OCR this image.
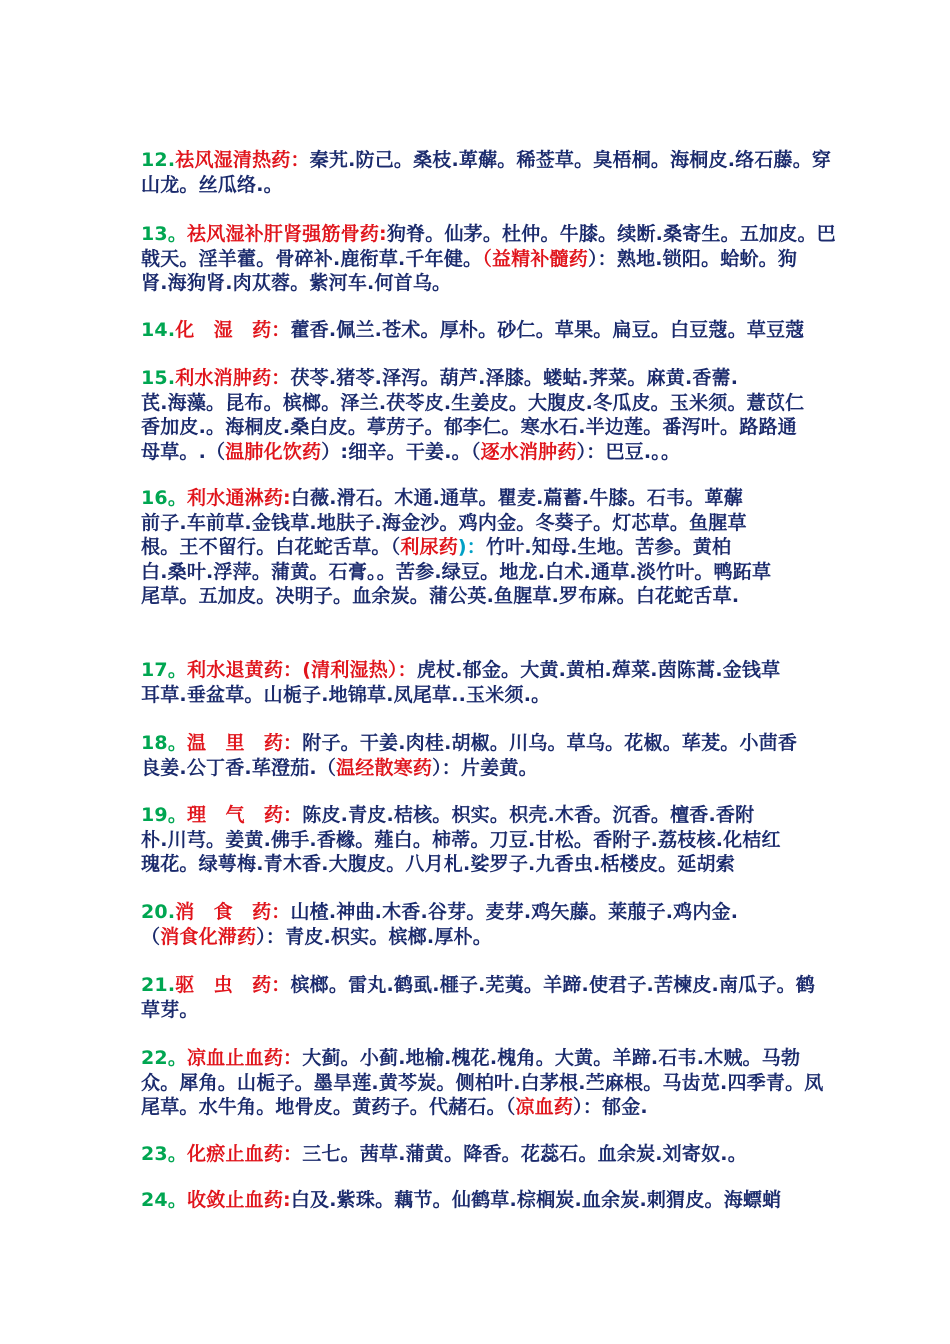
12.祛风湿清热药：秦艽.防己。桑枝.萆薢。稀莶草。臭梧桐。海桐皮.络石藤。穿
山龙。丝瓜络.。
13。祛风湿补肝肾强筋骨药:狗脊。仙茅。杜仲。牛膝。续断.桑寄生。五加皮。巴
戟天。淫羊藿。骨碎补.鹿衔草.千年健。（益精补髓药）：熟地.锁阳。蛤蚧。狗
肾.海狗肾.肉苁蓉。紫河车.何首乌。
14.化　湿　药：藿香.佩兰.苍术。厚朴。砂仁。草果。扁豆。白豆蔻。草豆蔻
15.利水消肿药：茯苓.猪苓.泽泻。葫芦.泽膝。蝼蛄.荠菜。麻黄.香薷.
芪.海藻。昆布。槟榔。泽兰.茯苓皮.生姜皮。大腹皮.冬瓜皮。玉米须。薏苡仁
香加皮.。海桐皮.桑白皮。葶苈子。郁李仁。寒水石.半边莲。番泻叶。路路通
母草。.（温肺化饮药）:细辛。干姜.。（逐水消肿药）：巴豆.。。
16。利水通淋药:白薇.滑石。木通.通草。瞿麦.萹蓄.牛膝。石韦。萆薢
前子.车前草.金钱草.地肤子.海金沙。鸡内金。冬葵子。灯芯草。鱼腥草
根。王不留行。白花蛇舌草。（利尿药)：竹叶.知母.生地。苦参。黄柏
白.桑叶.浮萍。蒲黄。石膏。。苦参.绿豆。地龙.白术.通草.淡竹叶。鸭跖草
尾草。五加皮。决明子。血余炭。蒲公英.鱼腥草.罗布麻。白花蛇舌草.
17。利水退黄药：(清利湿热）：虎杖.郁金。大黄.黄柏.蔊菜.茵陈蒿.金钱草
耳草.垂盆草。山栀子.地锦草.凤尾草..玉米须.。
18。温　里　药：附子。干姜.肉桂.胡椒。川乌。草乌。花椒。荜茇。小茴香
良姜.公丁香.荜澄茄.（温经散寒药）：片姜黄。
19。理　气　药：陈皮.青皮.桔核。枳实。枳壳.木香。沉香。檀香.香附
朴.川芎。姜黄.佛手.香橼。薤白。柿蒂。刀豆.甘松。香附子.荔枝核.化桔红
瑰花。绿萼梅.青木香.大腹皮。八月札.娑罗子.九香虫.栝楼皮。延胡索
20.消　食　药：山楂.神曲.木香.谷芽。麦芽.鸡矢藤。莱菔子.鸡内金.
（消食化滞药）：青皮.枳实。槟榔.厚朴。
21.驱　虫　药：槟榔。雷丸.鹤虱.榧子.芜荑。羊蹄.使君子.苦楝皮.南瓜子。鹤
草芽。
22。凉血止血药：大蓟。小蓟.地榆.槐花.槐角。大黄。羊蹄.石韦.木贼。马勃
众。犀角。山栀子。墨旱莲.黄芩炭。侧柏叶.白茅根.苎麻根。马齿苋.四季青。凤
尾草。水牛角。地骨皮。黄药子。代赭石。（凉血药）：郁金.
23。化瘀止血药：三七。茜草.蒲黄。降香。花蕊石。血余炭.刘寄奴.。
24。收敛止血药:白及.紫珠。藕节。仙鹤草.棕榈炭.血余炭.刺猬皮。海螵蛸
